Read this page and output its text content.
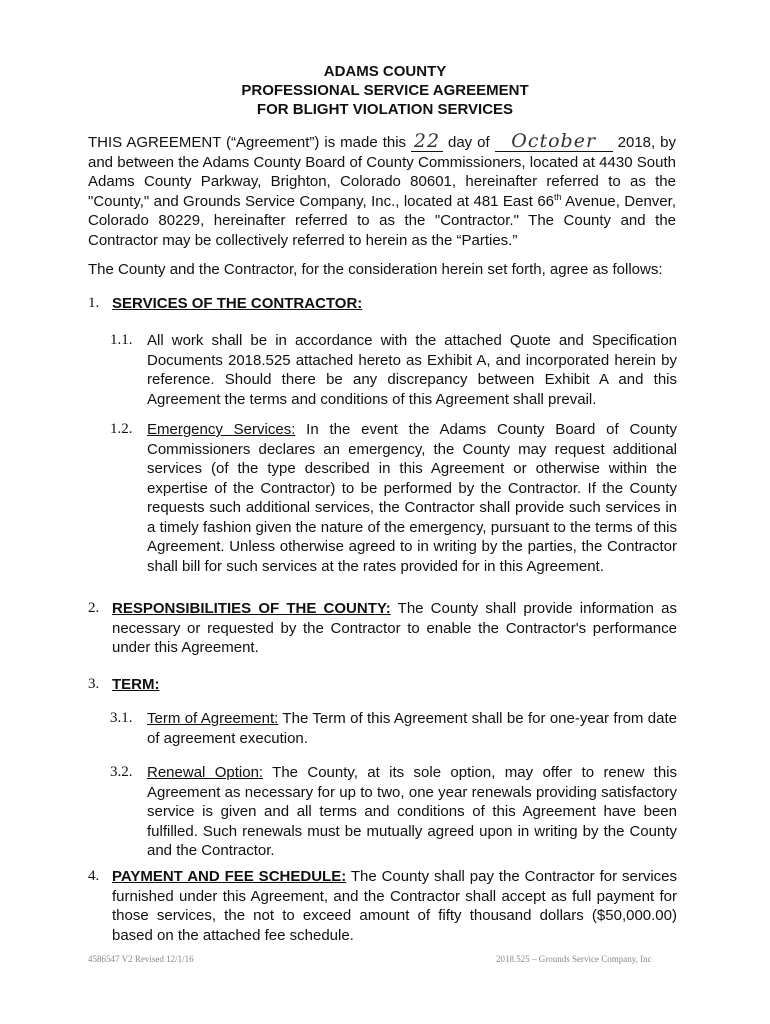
ADAMS COUNTY
PROFESSIONAL SERVICE AGREEMENT
FOR BLIGHT VIOLATION SERVICES
THIS AGREEMENT (“Agreement”) is made this 22 day of October 2018, by and between the Adams County Board of County Commissioners, located at 4430 South Adams County Parkway, Brighton, Colorado 80601, hereinafter referred to as the "County," and Grounds Service Company, Inc., located at 481 East 66th Avenue, Denver, Colorado 80229, hereinafter referred to as the "Contractor." The County and the Contractor may be collectively referred to herein as the “Parties.”
The County and the Contractor, for the consideration herein set forth, agree as follows:
1. SERVICES OF THE CONTRACTOR:
1.1. All work shall be in accordance with the attached Quote and Specification Documents 2018.525 attached hereto as Exhibit A, and incorporated herein by reference. Should there be any discrepancy between Exhibit A and this Agreement the terms and conditions of this Agreement shall prevail.
1.2. Emergency Services: In the event the Adams County Board of County Commissioners declares an emergency, the County may request additional services (of the type described in this Agreement or otherwise within the expertise of the Contractor) to be performed by the Contractor. If the County requests such additional services, the Contractor shall provide such services in a timely fashion given the nature of the emergency, pursuant to the terms of this Agreement. Unless otherwise agreed to in writing by the parties, the Contractor shall bill for such services at the rates provided for in this Agreement.
2. RESPONSIBILITIES OF THE COUNTY: The County shall provide information as necessary or requested by the Contractor to enable the Contractor's performance under this Agreement.
3. TERM:
3.1. Term of Agreement: The Term of this Agreement shall be for one-year from date of agreement execution.
3.2. Renewal Option: The County, at its sole option, may offer to renew this Agreement as necessary for up to two, one year renewals providing satisfactory service is given and all terms and conditions of this Agreement have been fulfilled. Such renewals must be mutually agreed upon in writing by the County and the Contractor.
4. PAYMENT AND FEE SCHEDULE: The County shall pay the Contractor for services furnished under this Agreement, and the Contractor shall accept as full payment for those services, the not to exceed amount of fifty thousand dollars ($50,000.00) based on the attached fee schedule.
4586547 V2 Revised 12/1/16	2018.525 – Grounds Service Company, Inc
